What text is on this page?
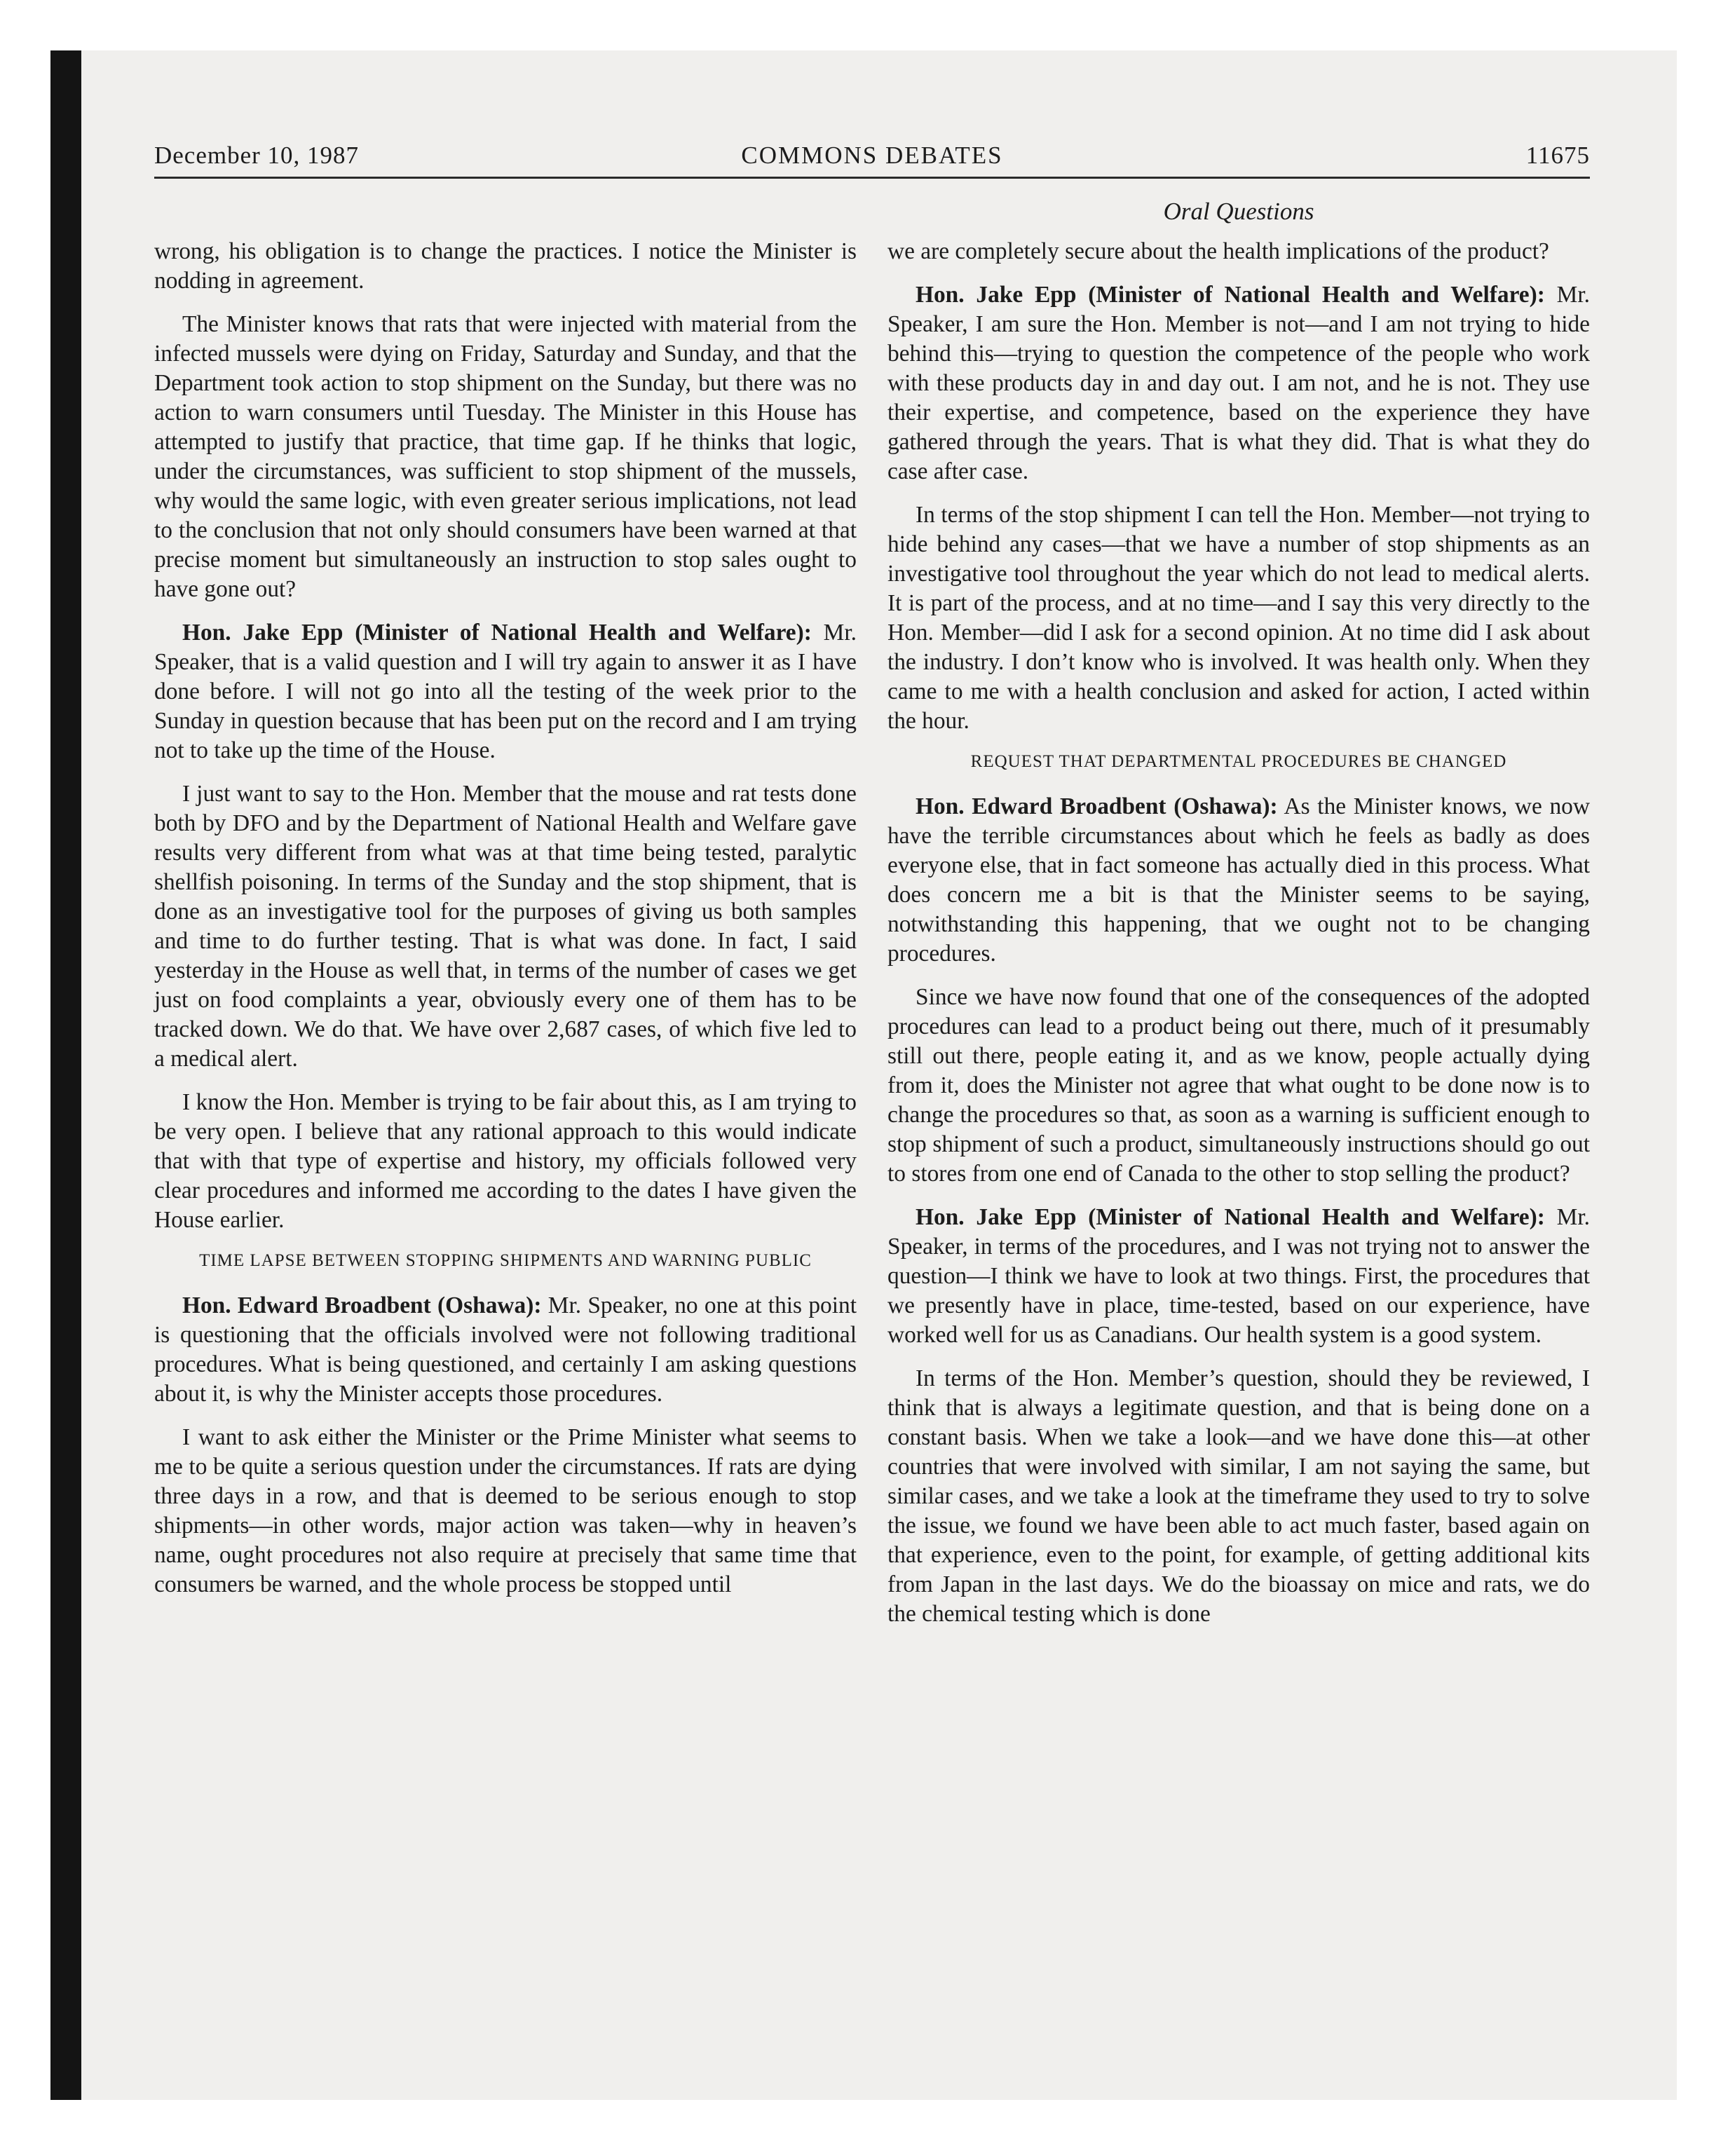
December 10, 1987	COMMONS DEBATES	11675
Oral Questions

wrong, his obligation is to change the practices. I notice the Minister is nodding in agreement.

The Minister knows that rats that were injected with material from the infected mussels were dying on Friday, Saturday and Sunday, and that the Department took action to stop shipment on the Sunday, but there was no action to warn consumers until Tuesday. The Minister in this House has attempted to justify that practice, that time gap. If he thinks that logic, under the circumstances, was sufficient to stop shipment of the mussels, why would the same logic, with even greater serious implications, not lead to the conclusion that not only should consumers have been warned at that precise moment but simultaneously an instruction to stop sales ought to have gone out?

Hon. Jake Epp (Minister of National Health and Welfare): Mr. Speaker, that is a valid question and I will try again to answer it as I have done before. I will not go into all the testing of the week prior to the Sunday in question because that has been put on the record and I am trying not to take up the time of the House.

I just want to say to the Hon. Member that the mouse and rat tests done both by DFO and by the Department of National Health and Welfare gave results very different from what was at that time being tested, paralytic shellfish poisoning. In terms of the Sunday and the stop shipment, that is done as an investigative tool for the purposes of giving us both samples and time to do further testing. That is what was done. In fact, I said yesterday in the House as well that, in terms of the number of cases we get just on food complaints a year, obviously every one of them has to be tracked down. We do that. We have over 2,687 cases, of which five led to a medical alert.

I know the Hon. Member is trying to be fair about this, as I am trying to be very open. I believe that any rational approach to this would indicate that with that type of expertise and history, my officials followed very clear procedures and informed me according to the dates I have given the House earlier.

TIME LAPSE BETWEEN STOPPING SHIPMENTS AND WARNING PUBLIC

Hon. Edward Broadbent (Oshawa): Mr. Speaker, no one at this point is questioning that the officials involved were not following traditional procedures. What is being questioned, and certainly I am asking questions about it, is why the Minister accepts those procedures.

I want to ask either the Minister or the Prime Minister what seems to me to be quite a serious question under the circumstances. If rats are dying three days in a row, and that is deemed to be serious enough to stop shipments—in other words, major action was taken—why in heaven’s name, ought procedures not also require at precisely that same time that consumers be warned, and the whole process be stopped until

we are completely secure about the health implications of the product?

Hon. Jake Epp (Minister of National Health and Welfare): Mr. Speaker, I am sure the Hon. Member is not—and I am not trying to hide behind this—trying to question the competence of the people who work with these products day in and day out. I am not, and he is not. They use their expertise, and competence, based on the experience they have gathered through the years. That is what they did. That is what they do case after case.

In terms of the stop shipment I can tell the Hon. Member—not trying to hide behind any cases—that we have a number of stop shipments as an investigative tool throughout the year which do not lead to medical alerts. It is part of the process, and at no time—and I say this very directly to the Hon. Member—did I ask for a second opinion. At no time did I ask about the industry. I don’t know who is involved. It was health only. When they came to me with a health conclusion and asked for action, I acted within the hour.

REQUEST THAT DEPARTMENTAL PROCEDURES BE CHANGED

Hon. Edward Broadbent (Oshawa): As the Minister knows, we now have the terrible circumstances about which he feels as badly as does everyone else, that in fact someone has actually died in this process. What does concern me a bit is that the Minister seems to be saying, notwithstanding this happening, that we ought not to be changing procedures.

Since we have now found that one of the consequences of the adopted procedures can lead to a product being out there, much of it presumably still out there, people eating it, and as we know, people actually dying from it, does the Minister not agree that what ought to be done now is to change the procedures so that, as soon as a warning is sufficient enough to stop shipment of such a product, simultaneously instructions should go out to stores from one end of Canada to the other to stop selling the product?

Hon. Jake Epp (Minister of National Health and Welfare): Mr. Speaker, in terms of the procedures, and I was not trying not to answer the question—I think we have to look at two things. First, the procedures that we presently have in place, time-tested, based on our experience, have worked well for us as Canadians. Our health system is a good system.

In terms of the Hon. Member’s question, should they be reviewed, I think that is always a legitimate question, and that is being done on a constant basis. When we take a look—and we have done this—at other countries that were involved with similar, I am not saying the same, but similar cases, and we take a look at the timeframe they used to try to solve the issue, we found we have been able to act much faster, based again on that experience, even to the point, for example, of getting additional kits from Japan in the last days. We do the bioassay on mice and rats, we do the chemical testing which is done
